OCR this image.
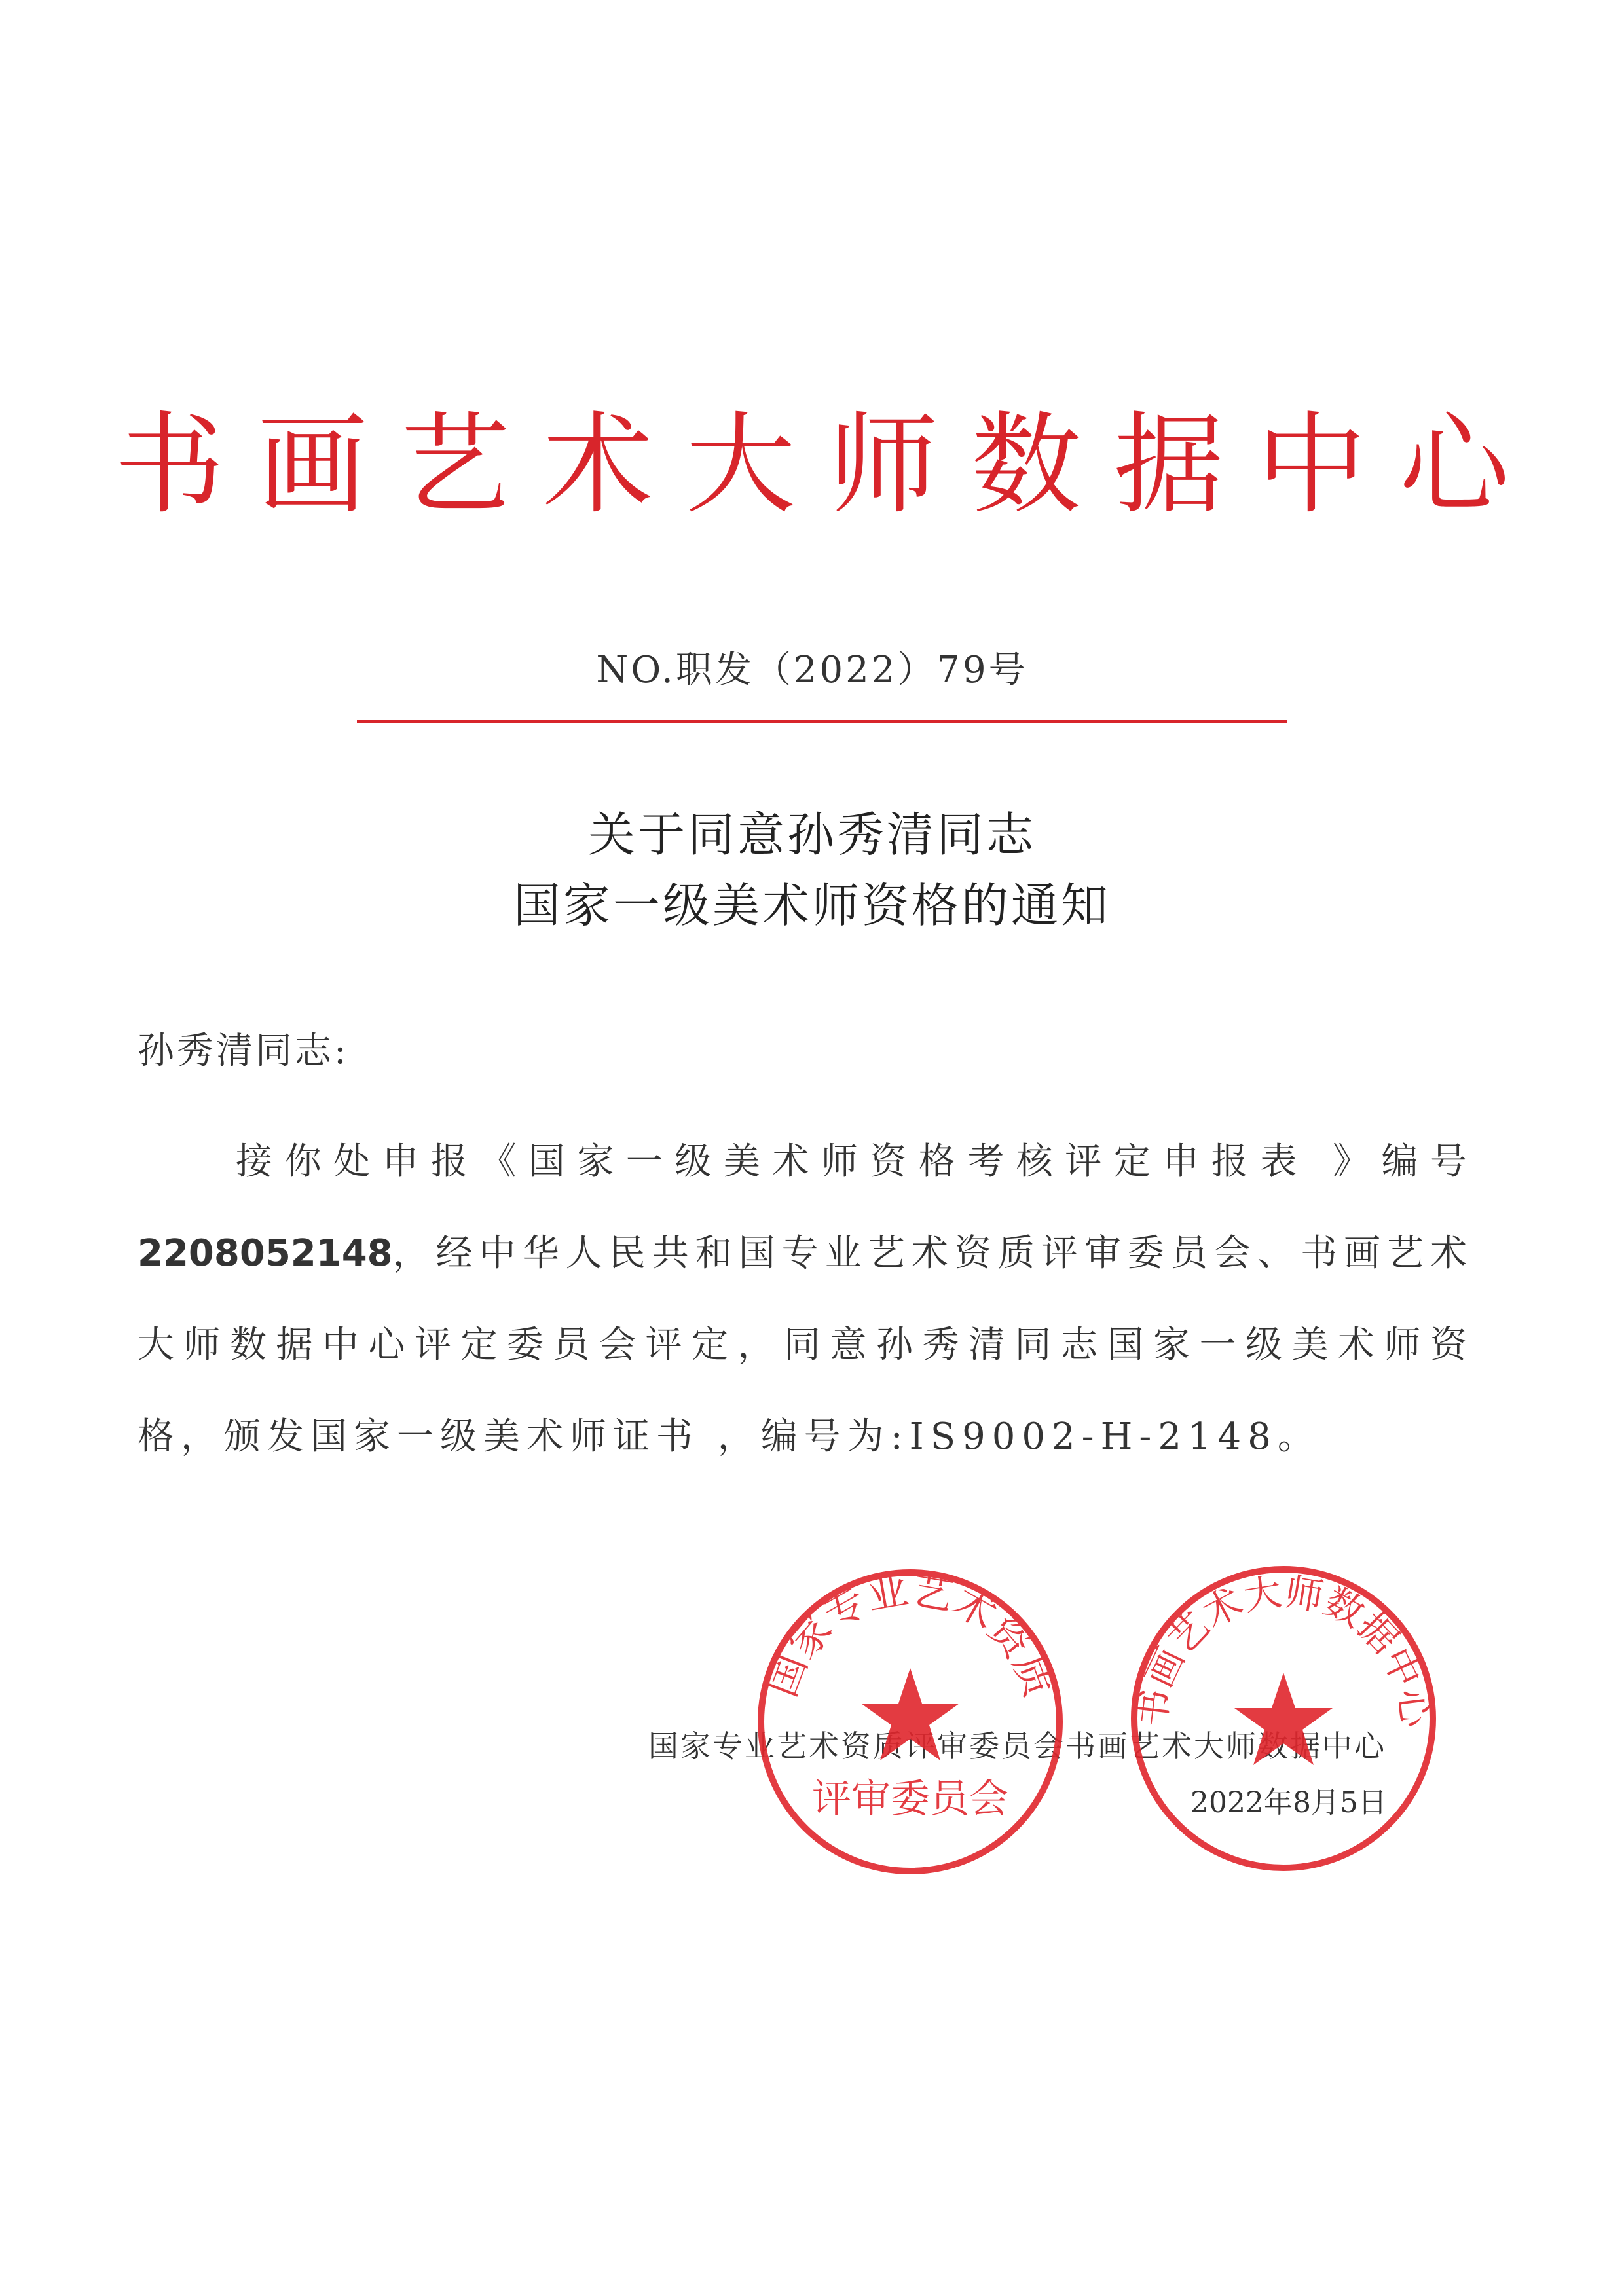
书画艺术大师数据中心
NO.职发（2022）79号
关于同意孙秀清同志
国家一级美术师资格的通知
孙秀清同志:
接你处申报《国家一级美术师资格考核评定申报表 》编号2208052148，经中华人民共和国专业艺术资质评审委员会、书画艺术大师数据中心评定委员会评定，同意孙秀清同志国家一级美术师资格，颁发国家一级美术师证书 ，编号为:IS9002-H-2148。
国家专业艺术资质评审委员会书画艺术大师数据中心
2022年8月5日
国家专业艺术资质
评审委员会
书画艺术大师数据中心
